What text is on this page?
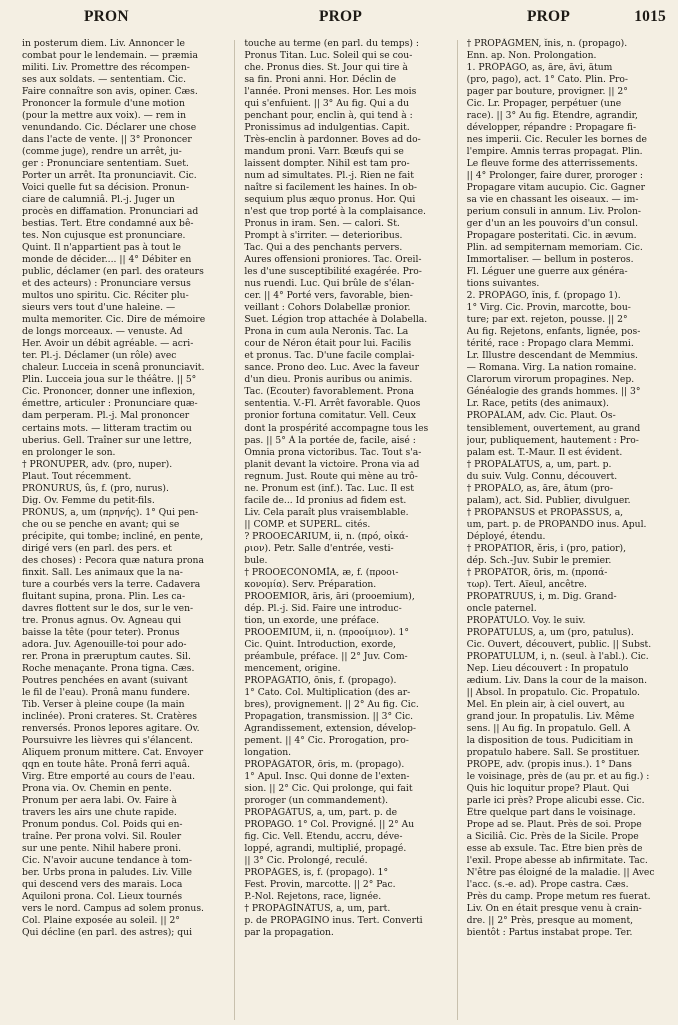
PRON	PROP	PROP	1015
in posterum diem. Liv. Annoncer le
combat pour le lendemain. — præmia
militi. Liv. Promettre des récompen-
ses aux soldats. — sententiam. Cic.
Faire connaître son avis, opiner. Cæs.
Prononcer la formule d'une motion
(pour la mettre aux voix). — rem in
venundando. Cic. Déclarer une chose
dans l'acte de vente. || 3° Prononcer
(comme juge), rendre un arrêt, ju-
ger : Pronunciare sententiam. Suet.
Porter un arrêt. Ita pronunciavit. Cic.
Voici quelle fut sa décision. Pronun-
ciare de calumniâ. Pl.-j. Juger un
procès en diffamation. Pronunciari ad
bestias. Tert. Être condamné aux bê-
tes. Non cujusque est pronunciare.
Quint. Il n'appartient pas à tout le
monde de décider.... || 4° Débiter en
public, déclamer (en parl. des orateurs
et des acteurs) : Pronunciare versus
multos uno spiritu. Cic. Réciter plu-
sieurs vers tout d'une haleine. —
multa memoriter. Cic. Dire de mémoire
de longs morceaux. — venuste. Ad
Her. Avoir un débit agréable. — acri-
ter. Pl.-j. Déclamer (un rôle) avec
chaleur. Lucceia in scenâ pronunciavit.
Plin. Lucceia joua sur le théâtre. || 5°
Cic. Prononcer, donner une inflexion,
émettre, articuler : Pronunciare quæ-
dam perperam. Pl.-j. Mal prononcer
certains mots. — litteram tractim ou
uberius. Gell. Traîner sur une lettre,
en prolonger le son.
† PRŌNŬPER, adv. (pro, nuper).
Plaut. Tout récemment.
PRŌNŬRUS, ûs, f. (pro, nurus).
Dig. Ov. Femme du petit-fils.
PRŌNUS, a, um (πρηνής). 1° Qui pen-
che ou se penche en avant; qui se
précipite, qui tombe; incliné, en pente,
dirigé vers (en parl. des pers. et
des choses) : Pecora quæ natura prona
finxit. Sall. Les animaux que la na-
ture a courbés vers la terre. Cadavera
fluitant supina, prona. Plin. Les ca-
davres flottent sur le dos, sur le ven-
tre. Pronus agnus. Ov. Agneau qui
baisse la tête (pour teter). Pronus
adora. Juv. Agenouille-toi pour ado-
rer. Prona in præruptum cautes. Sil.
Roche menaçante. Prona tigna. Cæs.
Poutres penchées en avant (suivant
le fil de l'eau). Pronâ manu fundere.
Tib. Verser à pleine coupe (la main
inclinée). Proni crateres. St. Cratères
renversés. Pronos lepores agitare. Ov.
Poursuivre les lièvres qui s'élancent.
Aliquem pronum mittere. Cat. Envoyer
qqn en toute hâte. Pronâ ferri aquâ.
Virg. Être emporté au cours de l'eau.
Prona via. Ov. Chemin en pente.
Pronum per aera labi. Ov. Faire à
travers les airs une chute rapide.
Pronum pondus. Col. Poids qui en-
traîne. Per prona volvi. Sil. Rouler
sur une pente. Nihil habere proni.
Cic. N'avoir aucune tendance à tom-
ber. Urbs prona in paludes. Liv. Ville
qui descend vers des marais. Loca
Aquiloni prona. Col. Lieux tournés
vers le nord. Campus ad solem pronus.
Col. Plaine exposée au soleil. || 2°
Qui décline (en parl. des astres); qui
touche au terme (en parl. du temps) :
Pronus Titan. Luc. Soleil qui se cou-
che. Pronus dies. St. Jour qui tire à
sa fin. Proni anni. Hor. Déclin de
l'année. Proni menses. Hor. Les mois
qui s'enfuient. || 3° Au fig. Qui a du
penchant pour, enclin à, qui tend à :
Pronissimus ad indulgentias. Capit.
Très-enclin à pardonner. Boves ad do-
mandum proni. Varr. Bœufs qui se
laissent dompter. Nihil est tam pro-
num ad simultates. Pl.-j. Rien ne fait
naître si facilement les haines. In ob-
sequium plus æquo pronus. Hor. Qui
n'est que trop porté à la complaisance.
Pronus in iram. Sen. — calori. St.
Prompt à s'irriter. — deterioribus.
Tac. Qui a des penchants pervers.
Aures offensioni proniores. Tac. Oreil-
les d'une susceptibilité exagérée. Pro-
nus ruendi. Luc. Qui brûle de s'élan-
cer. || 4° Porté vers, favorable, bien-
veillant : Cohors Dolabellæ pronior.
Suet. Légion trop attachée à Dolabella.
Prona in cum aula Neronis. Tac. La
cour de Néron était pour lui. Facilis
et pronus. Tac. D'une facile complai-
sance. Prono deo. Luc. Avec la faveur
d'un dieu. Pronis auribus ou animis.
Tac. (Écouter) favorablement. Prona
sententia. V.-Fl. Arrêt favorable. Quos
pronior fortuna comitatur. Vell. Ceux
dont la prospérité accompagne tous les
pas. || 5° À la portée de, facile, aisé :
Omnia prona victoribus. Tac. Tout s'a-
planit devant la victoire. Prona via ad
regnum. Just. Route qui mène au trô-
ne. Pronum est (inf.). Tac. Luc. Il est
facile de... Id pronius ad fidem est.
Liv. Cela paraît plus vraisemblable.
|| COMP. et SUPERL. cités.
? PROOECĀRIUM, ii, n. (πρό, οἰκά-
ριον). Petr. Salle d'entrée, vesti-
bule.
† PROOECŌNŎMĬA, æ, f. (προοι-
κονομία). Serv. Préparation.
PROOEMIOR, āris, āri (prooemium),
dép. Pl.-j. Sid. Faire une introduc-
tion, un exorde, une préface.
PROOEMIUM, ii, n. (προοίμιον). 1°
Cic. Quint. Introduction, exorde,
préambule, préface. || 2° Juv. Com-
mencement, origine.
PROPĀGĀTIO, ōnis, f. (propago).
1° Cato. Col. Multiplication (des ar-
bres), provignement. || 2° Au fig. Cic.
Propagation, transmission. || 3° Cic.
Agrandissement, extension, dévelop-
pement. || 4° Cic. Prorogation, pro-
longation.
PROPĀGĀTOR, ōris, m. (propago).
1° Apul. Insc. Qui donne de l'exten-
sion. || 2° Cic. Qui prolonge, qui fait
proroger (un commandement).
PROPĀGĀTUS, a, um, part. p. de
PROPAGO. 1° Col. Provigné. || 2° Au
fig. Cic. Vell. Étendu, accru, déve-
loppé, agrandi, multiplié, propagé.
|| 3° Cic. Prolongé, reculé.
PROPĀGES, is, f. (propago). 1°
Fest. Provin, marcotte. || 2° Pac.
P.-Nol. Rejetons, race, lignée.
† PROPĀGĬNĀTUS, a, um, part.
p. de PROPAGINO inus. Tert. Converti
par la propagation.
† PROPĀGMEN, ĭnis, n. (propago).
Enn. ap. Non. Prolongation.
1. PRŌPĀGO, as, āre, āvi, ātum
(pro, pago), act. 1° Cato. Plin. Pro-
pager par bouture, provigner. || 2°
Cic. Lr. Propager, perpétuer (une
race). || 3° Au fig. Étendre, agrandir,
développer, répandre : Propagare fi-
nes imperii. Cic. Reculer les bornes de
l'empire. Amnis terras propagat. Plin.
Le fleuve forme des atterrissements.
|| 4° Prolonger, faire durer, proroger :
Propagare vitam aucupio. Cic. Gagner
sa vie en chassant les oiseaux. — im-
perium consuli in annum. Liv. Prolon-
ger d'un an les pouvoirs d'un consul.
Propagare posteritati. Cic. in ævum.
Plin. ad sempiternam memoriam. Cic.
Immortaliser. — bellum in posteros.
Fl. Léguer une guerre aux généra-
tions suivantes.
2. PRŌPĀGO, ĭnis, f. (propago 1).
1° Virg. Cic. Provin, marcotte, bou-
ture; par ext. rejeton, pousse. || 2°
Au fig. Rejetons, enfants, lignée, pos-
térité, race : Propago clara Memmi.
Lr. Illustre descendant de Memmius.
— Romana. Virg. La nation romaine.
Clarorum virorum propagines. Nep.
Généalogie des grands hommes. || 3°
Lr. Race, petits (des animaux).
PRŎPĀLAM, adv. Cic. Plaut. Os-
tensiblement, ouvertement, au grand
jour, publiquement, hautement : Pro-
palam est. T.-Maur. Il est évident.
† PRŎPĀLĀTUS, a, um, part. p.
du suiv. Vulg. Connu, découvert.
† PRŎPĀLO, as, āre, ātum (pro-
palam), act. Sid. Publier, divulguer.
† PROPANSUS et PROPASSUS, a,
um, part. p. de PROPANDO inus. Apul.
Déployé, étendu.
† PRŎPĀTIOR, ĕris, i (pro, patior),
dép. Sch.-Juv. Subir le premier.
† PRŎPĀTOR, ōris, m. (προπά-
τωρ). Tert. Aïeul, ancêtre.
PROPATRUUS, i, m. Dig. Grand-
oncle paternel.
PRŎPĀTŬLO. Voy. le suiv.
PRŎPĀTŬLUS, a, um (pro, patulus).
Cic. Ouvert, découvert, public. || Subst.
PROPATULUM, i, n. (seul. à l'abl.). Cic.
Nep. Lieu découvert : In propatulo
ædium. Liv. Dans la cour de la maison.
|| Absol. In propatulo. Cic. Propatulo.
Mel. En plein air, à ciel ouvert, au
grand jour. In propatulis. Liv. Même
sens. || Au fig. In propatulo. Gell. À
la disposition de tous. Pudicitiam in
propatulo habere. Sall. Se prostituer.
PRŎPE, adv. (propis inus.). 1° Dans
le voisinage, près de (au pr. et au fig.) :
Quis hic loquitur prope? Plaut. Qui
parle ici près? Prope alicubi esse. Cic.
Être quelque part dans le voisinage.
Prope ad se. Plaut. Près de soi. Prope
a Siciliâ. Cic. Près de la Sicile. Prope
esse ab exsule. Tac. Être bien près de
l'exil. Prope abesse ab infirmitate. Tac.
N'être pas éloigné de la maladie. || Avec
l'acc. (s.-e. ad). Prope castra. Cæs.
Près du camp. Prope metum res fuerat.
Liv. On en était presque venu à crain-
dre. || 2° Près, presque au moment,
bientôt : Partus instabat prope. Ter.
